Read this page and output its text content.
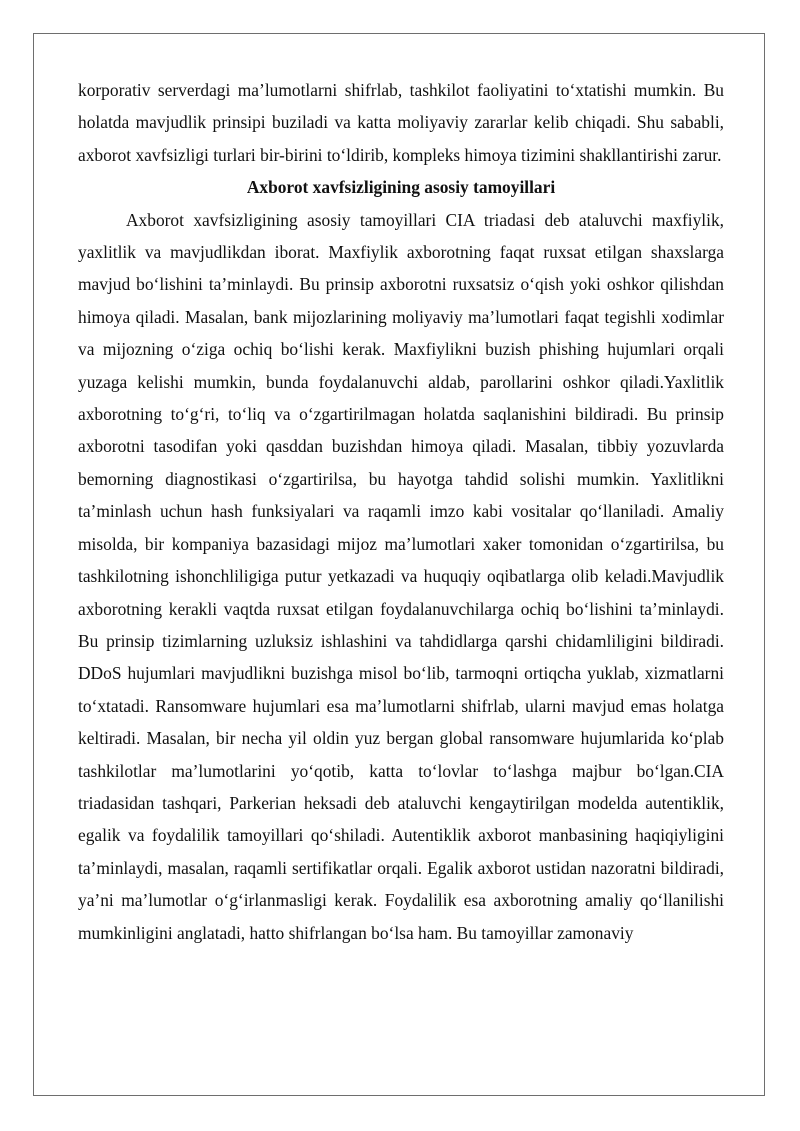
korporativ serverdagi ma’lumotlarni shifrlab, tashkilot faoliyatini to‘xtatishi mumkin. Bu holatda mavjudlik prinsipi buziladi va katta moliyaviy zararlar kelib chiqadi. Shu sababli, axborot xavfsizligi turlari bir-birini to‘ldirib, kompleks himoya tizimini shakllantirishi zarur.

Axborot xavfsizligining asosiy tamoyillari

Axborot xavfsizligining asosiy tamoyillari CIA triadasi deb ataluvchi maxfiylik, yaxlitlik va mavjudlikdan iborat. Maxfiylik axborotning faqat ruxsat etilgan shaxslarga mavjud bo‘lishini ta’minlaydi. Bu prinsip axborotni ruxsatsiz o‘qish yoki oshkor qilishdan himoya qiladi. Masalan, bank mijozlarining moliyaviy ma’lumotlari faqat tegishli xodimlar va mijozning o‘ziga ochiq bo‘lishi kerak. Maxfiylikni buzish phishing hujumlari orqali yuzaga kelishi mumkin, bunda foydalanuvchi aldab, parollarini oshkor qiladi.Yaxlitlik axborotning to‘g‘ri, to‘liq va o‘zgartirilmagan holatda saqlanishini bildiradi. Bu prinsip axborotni tasodifan yoki qasddan buzishdan himoya qiladi. Masalan, tibbiy yozuvlarda bemorning diagnostikasi o‘zgartirilsa, bu hayotga tahdid solishi mumkin. Yaxlitlikni ta’minlash uchun hash funksiyalari va raqamli imzo kabi vositalar qo‘llaniladi. Amaliy misolda, bir kompaniya bazasidagi mijoz ma’lumotlari xaker tomonidan o‘zgartirilsa, bu tashkilotning ishonchliligiga putur yetkazadi va huquqiy oqibatlarga olib keladi.Mavjudlik axborotning kerakli vaqtda ruxsat etilgan foydalanuvchilarga ochiq bo‘lishini ta’minlaydi. Bu prinsip tizimlarning uzluksiz ishlashini va tahdidlarga qarshi chidamliligini bildiradi. DDoS hujumlari mavjudlikni buzishga misol bo‘lib, tarmoqni ortiqcha yuklab, xizmatlarni to‘xtatadi. Ransomware hujumlari esa ma’lumotlarni shifrlab, ularni mavjud emas holatga keltiradi. Masalan, bir necha yil oldin yuz bergan global ransomware hujumlarida ko‘plab tashkilotlar ma’lumotlarini yo‘qotib, katta to‘lovlar to‘lashga majbur bo‘lgan.CIA triadasidan tashqari, Parkerian heksadi deb ataluvchi kengaytirilgan modelda autentiklik, egalik va foydalilik tamoyillari qo‘shiladi. Autentiklik axborot manbasining haqiqiyligini ta’minlaydi, masalan, raqamli sertifikatlar orqali. Egalik axborot ustidan nazoratni bildiradi, ya’ni ma’lumotlar o‘g‘irlanmasligi kerak. Foydalilik esa axborotning amaliy qo‘llanilishi mumkinligini anglatadi, hatto shifrlangan bo‘lsa ham. Bu tamoyillar zamonaviy
